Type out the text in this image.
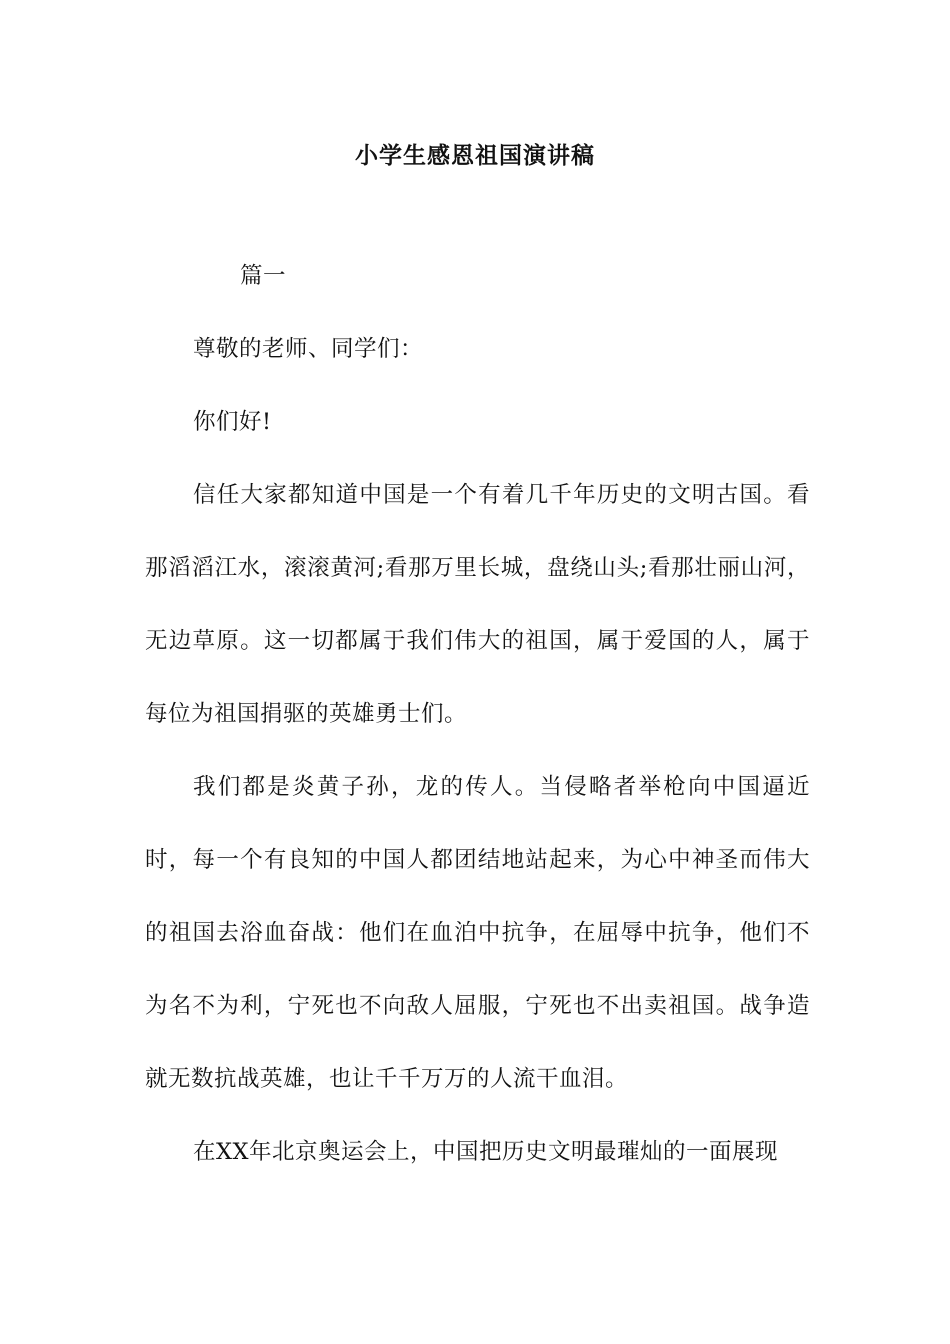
小学生感恩祖国演讲稿

篇一

尊敬的老师、同学们：

你们好!

信任大家都知道中国是一个有着几千年历史的文明古国。看那滔滔江水，滚滚黄河;看那万里长城，盘绕山头;看那壮丽山河，无边草原。这一切都属于我们伟大的祖国，属于爱国的人，属于每位为祖国捐驱的英雄勇士们。

我们都是炎黄子孙，龙的传人。当侵略者举枪向中国逼近时，每一个有良知的中国人都团结地站起来，为心中神圣而伟大的祖国去浴血奋战：他们在血泊中抗争，在屈辱中抗争，他们不为名不为利，宁死也不向敌人屈服，宁死也不出卖祖国。战争造就无数抗战英雄，也让千千万万的人流干血泪。

在XX年北京奥运会上，中国把历史文明最璀灿的一面展现
